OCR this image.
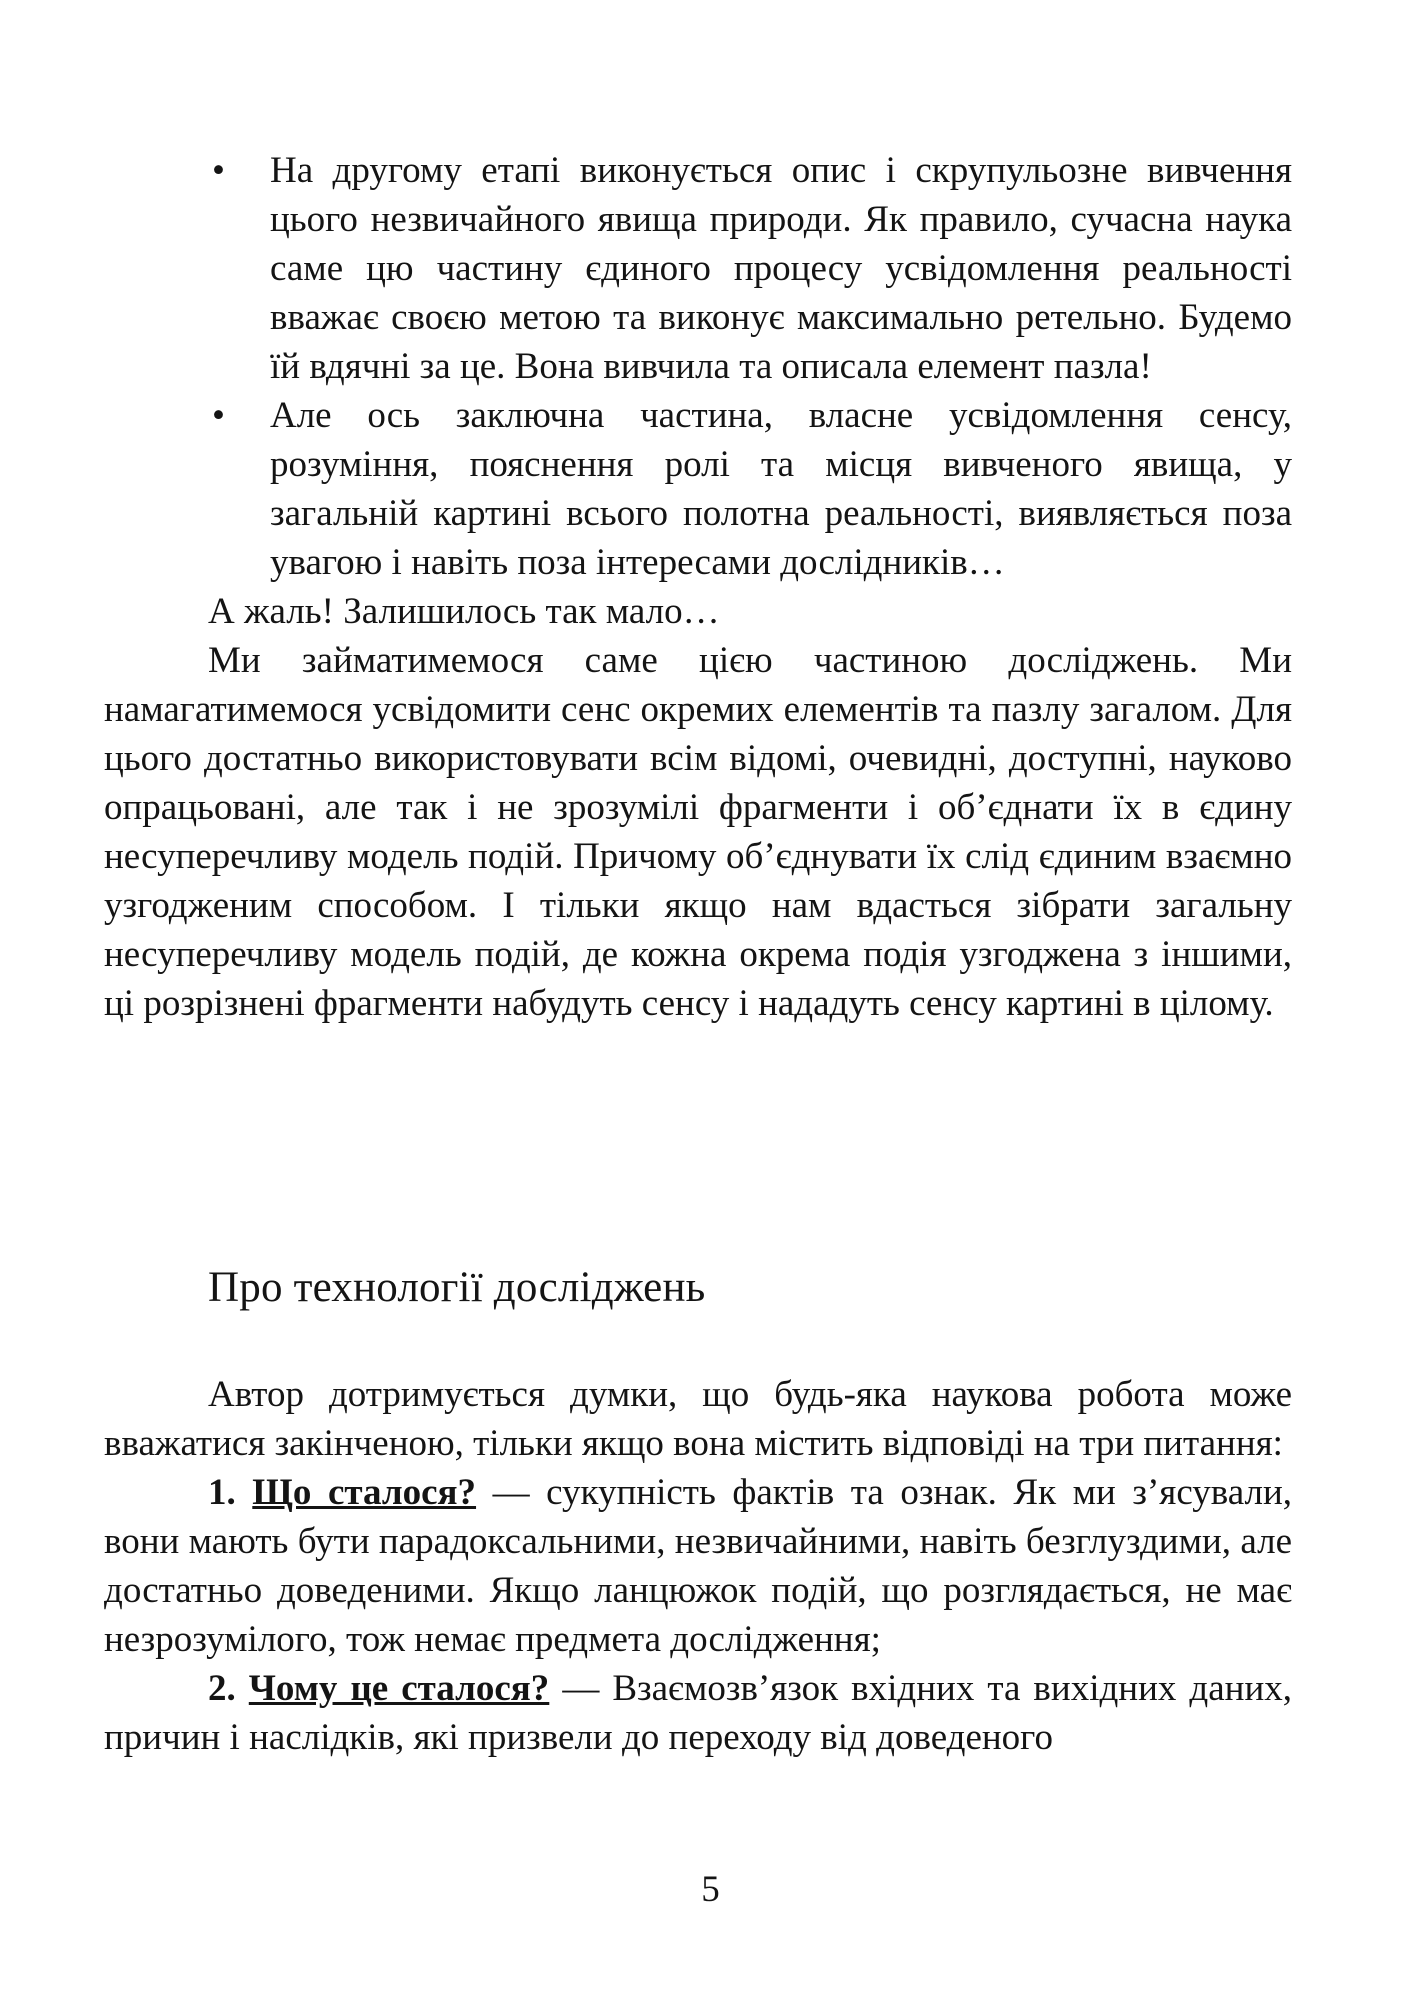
• На другому етапі виконується опис і скрупульозне вивчення цього незвичайного явища природи. Як правило, сучасна наука саме цю частину єдиного процесу усвідомлення реальності вважає своєю метою та виконує максимально ретельно. Будемо їй вдячні за це. Вона вивчила та описала елемент пазла!

• Але ось заключна частина, власне усвідомлення сенсу, розуміння, пояснення ролі та місця вивченого явища, у загальній картині всього полотна реальності, виявляється поза увагою і навіть поза інтересами дослідників…

А жаль! Залишилось так мало…

Ми займатимемося саме цією частиною досліджень. Ми намагатимемося усвідомити сенс окремих елементів та пазлу загалом. Для цього достатньо використовувати всім відомі, очевидні, доступні, науково опрацьовані, але так і не зрозумілі фрагменти і об’єднати їх в єдину несуперечливу модель подій. Причому об’єднувати їх слід єдиним взаємно узгодженим способом. І тільки якщо нам вдасться зібрати загальну несуперечливу модель подій, де кожна окрема подія узгоджена з іншими, ці розрізнені фрагменти набудуть сенсу і нададуть сенсу картині в цілому.

Про технології досліджень

Автор дотримується думки, що будь-яка наукова робота може вважатися закінченою, тільки якщо вона містить відповіді на три питання:

1. Що сталося? — сукупність фактів та ознак. Як ми з’ясували, вони мають бути парадоксальними, незвичайними, навіть безглуздими, але достатньо доведеними. Якщо ланцюжок подій, що розглядається, не має незрозумілого, тож немає предмета дослідження;

2. Чому це сталося? — Взаємозв’язок вхідних та вихідних даних, причин і наслідків, які призвели до переходу від доведеного

5
